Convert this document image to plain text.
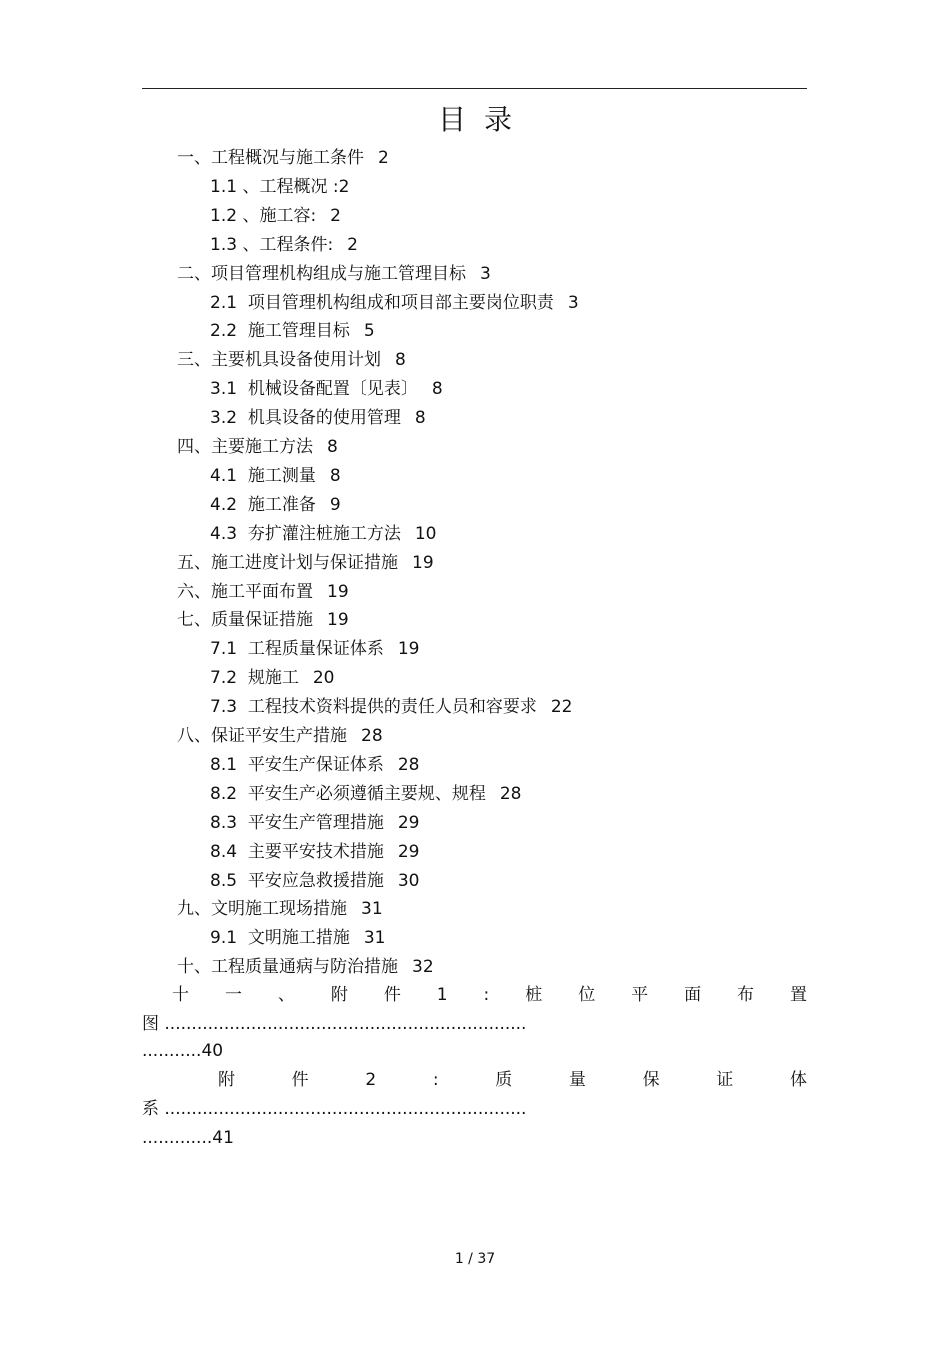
目录
一、工程概况与施工条件 2
1.1 、工程概况 :2
1.2 、施工容: 2
1.3 、工程条件: 2
二、项目管理机构组成与施工管理目标 3
2.1  项目管理机构组成和项目部主要岗位职责 3
2.2  施工管理目标 5
三、主要机具设备使用计划 8
3.1  机械设备配置〔见表〕 8
3.2  机具设备的使用管理 8
四、主要施工方法 8
4.1  施工测量 8
4.2  施工准备 9
4.3  夯扩灌注桩施工方法 10
五、施工进度计划与保证措施 19
六、施工平面布置 19
七、质量保证措施 19
7.1  工程质量保证体系 19
7.2  规施工 20
7.3  工程技术资料提供的责任人员和容要求 22
八、保证平安生产措施 28
8.1  平安生产保证体系 28
8.2  平安生产必须遵循主要规、规程 28
8.3  平安生产管理措施 29
8.4  主要平安技术措施 29
8.5  平安应急救援措施 30
九、文明施工现场措施 31
9.1  文明施工措施 31
十、工程质量通病与防治措施 32
十 一 、 附 件 1 : 桩 位 平 面 布 置
图 ...................................................................
...........40
附	件	2	:	质	量	保	证	体
系 ...................................................................
.............41
1 / 37
